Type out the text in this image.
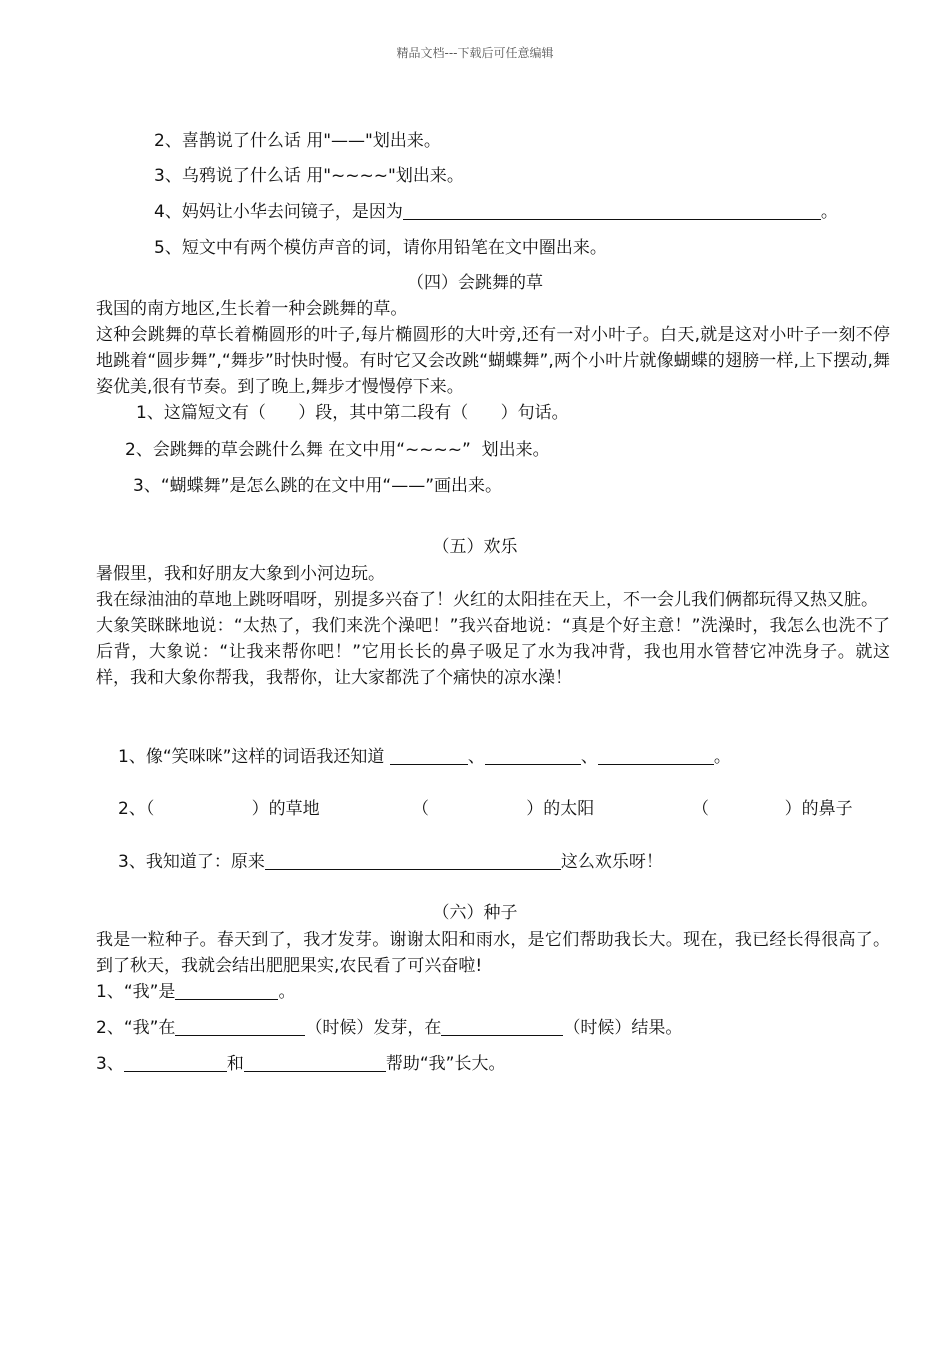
精品文档---下载后可任意编辑
2、喜鹊说了什么话 用"——"划出来。
3、乌鸦说了什么话 用"~~~~"划出来。
4、妈妈让小华去问镜子，是因为	。
5、短文中有两个模仿声音的词，请你用铅笔在文中圈出来。
（四）会跳舞的草
我国的南方地区,生长着一种会跳舞的草。
这种会跳舞的草长着椭圆形的叶子,每片椭圆形的大叶旁,还有一对小叶子。白天,就是这对小叶子一刻不停地跳着“圆步舞”,“舞步”时快时慢。有时它又会改跳“蝴蝶舞”,两个小叶片就像蝴蝶的翅膀一样,上下摆动,舞姿优美,很有节奏。到了晚上,舞步才慢慢停下来。
1、这篇短文有（      ）段，其中第二段有（      ）句话。
2、会跳舞的草会跳什么舞 在文中用“~~~~”  划出来。
3、“蝴蝶舞”是怎么跳的在文中用“——”画出来。
（五）欢乐
暑假里，我和好朋友大象到小河边玩。
我在绿油油的草地上跳呀唱呀，别提多兴奋了！火红的太阳挂在天上，不一会儿我们俩都玩得又热又脏。
大象笑眯眯地说：“太热了，我们来洗个澡吧！”我兴奋地说：“真是个好主意！”洗澡时，我怎么也洗不了后背，大象说：“让我来帮你吧！”它用长长的鼻子吸足了水为我冲背，我也用水管替它冲洗身子。就这样，我和大象你帮我，我帮你，让大家都洗了个痛快的凉水澡！
1、像“笑咪咪”这样的词语我还知道	、	、	。
2、（                  ）的草地	（                  ）的太阳	（              ）的鼻子
3、我知道了：原来	这么欢乐呀！
（六）种子
我是一粒种子。春天到了，我才发芽。谢谢太阳和雨水，是它们帮助我长大。现在，我已经长得很高了。到了秋天，我就会结出肥肥果实,农民看了可兴奋啦!
1、“我”是	。
2、“我”在	（时候）发芽，在	（时候）结果。
3、	和	帮助“我”长大。
